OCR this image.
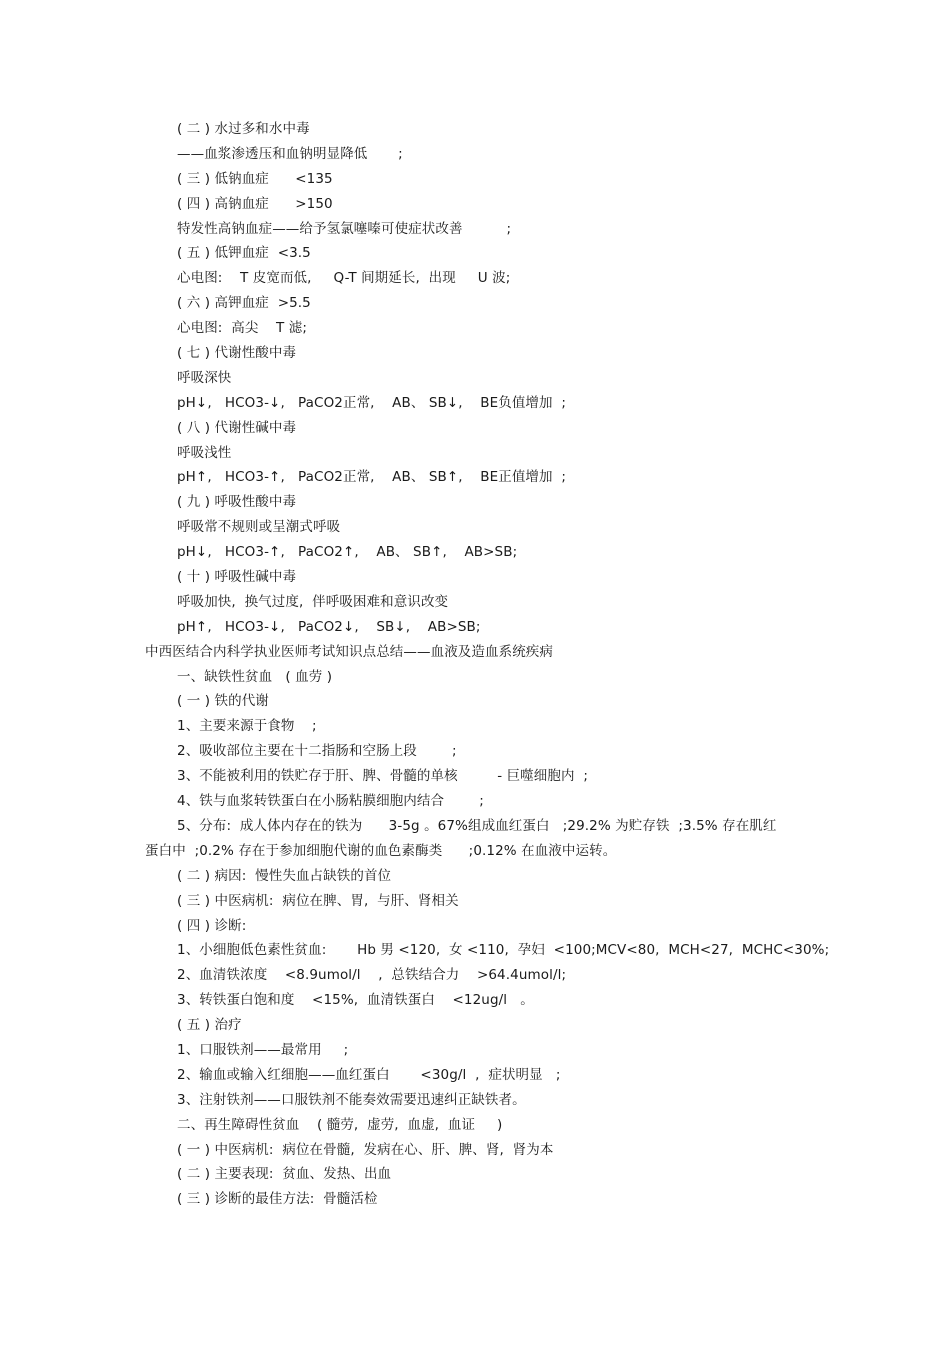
( 二 ) 水过多和水中毒
——血浆渗透压和血钠明显降低       ;
( 三 ) 低钠血症      <135
( 四 ) 高钠血症      >150
特发性高钠血症——给予氢氯噻嗪可使症状改善          ;
( 五 ) 低钾血症  <3.5
心电图:    T 皮宽而低,     Q-T 间期延长,  出现     U 波;
( 六 ) 高钾血症  >5.5
心电图:  高尖    T 滤;
( 七 ) 代谢性酸中毒
呼吸深快
pH↓,   HCO3-↓,   PaCO2正常,    AB、 SB↓,    BE负值增加  ;
( 八 ) 代谢性碱中毒
呼吸浅性
pH↑,   HCO3-↑,   PaCO2正常,    AB、 SB↑,    BE正值增加  ;
( 九 ) 呼吸性酸中毒
呼吸常不规则或呈潮式呼吸
pH↓,   HCO3-↑,   PaCO2↑,    AB、 SB↑,    AB>SB;
( 十 ) 呼吸性碱中毒
呼吸加快,  换气过度,  伴呼吸困难和意识改变
pH↑,   HCO3-↓,   PaCO2↓,    SB↓,    AB>SB;
中西医结合内科学执业医师考试知识点总结——血液及造血系统疾病
一、缺铁性贫血   ( 血劳 )
( 一 ) 铁的代谢
1、主要来源于食物    ;
2、吸收部位主要在十二指肠和空肠上段        ;
3、不能被利用的铁贮存于肝、脾、骨髓的单核         - 巨噬细胞内  ;
4、铁与血浆转铁蛋白在小肠粘膜细胞内结合        ;
5、分布:  成人体内存在的铁为      3-5g 。67%组成血红蛋白   ;29.2% 为贮存铁  ;3.5% 存在肌红
蛋白中  ;0.2% 存在于参加细胞代谢的血色素酶类      ;0.12% 在血液中运转。
( 二 ) 病因:  慢性失血占缺铁的首位
( 三 ) 中医病机:  病位在脾、胃,  与肝、肾相关
( 四 ) 诊断:
1、小细胞低色素性贫血:       Hb 男 <120,  女 <110,  孕妇  <100;MCV<80,  MCH<27,  MCHC<30%;
2、血清铁浓度    <8.9umol/l    ,  总铁结合力    >64.4umol/l;
3、转铁蛋白饱和度    <15%,  血清铁蛋白    <12ug/l   。
( 五 ) 治疗
1、口服铁剂——最常用     ;
2、输血或输入红细胞——血红蛋白       <30g/l  ,  症状明显   ;
3、注射铁剂——口服铁剂不能奏效需要迅速纠正缺铁者。
二、再生障碍性贫血    ( 髓劳,  虚劳,  血虚,  血证     )
( 一 ) 中医病机:  病位在骨髓,  发病在心、肝、脾、肾,  肾为本
( 二 ) 主要表现:  贫血、发热、出血
( 三 ) 诊断的最佳方法:  骨髓活检
